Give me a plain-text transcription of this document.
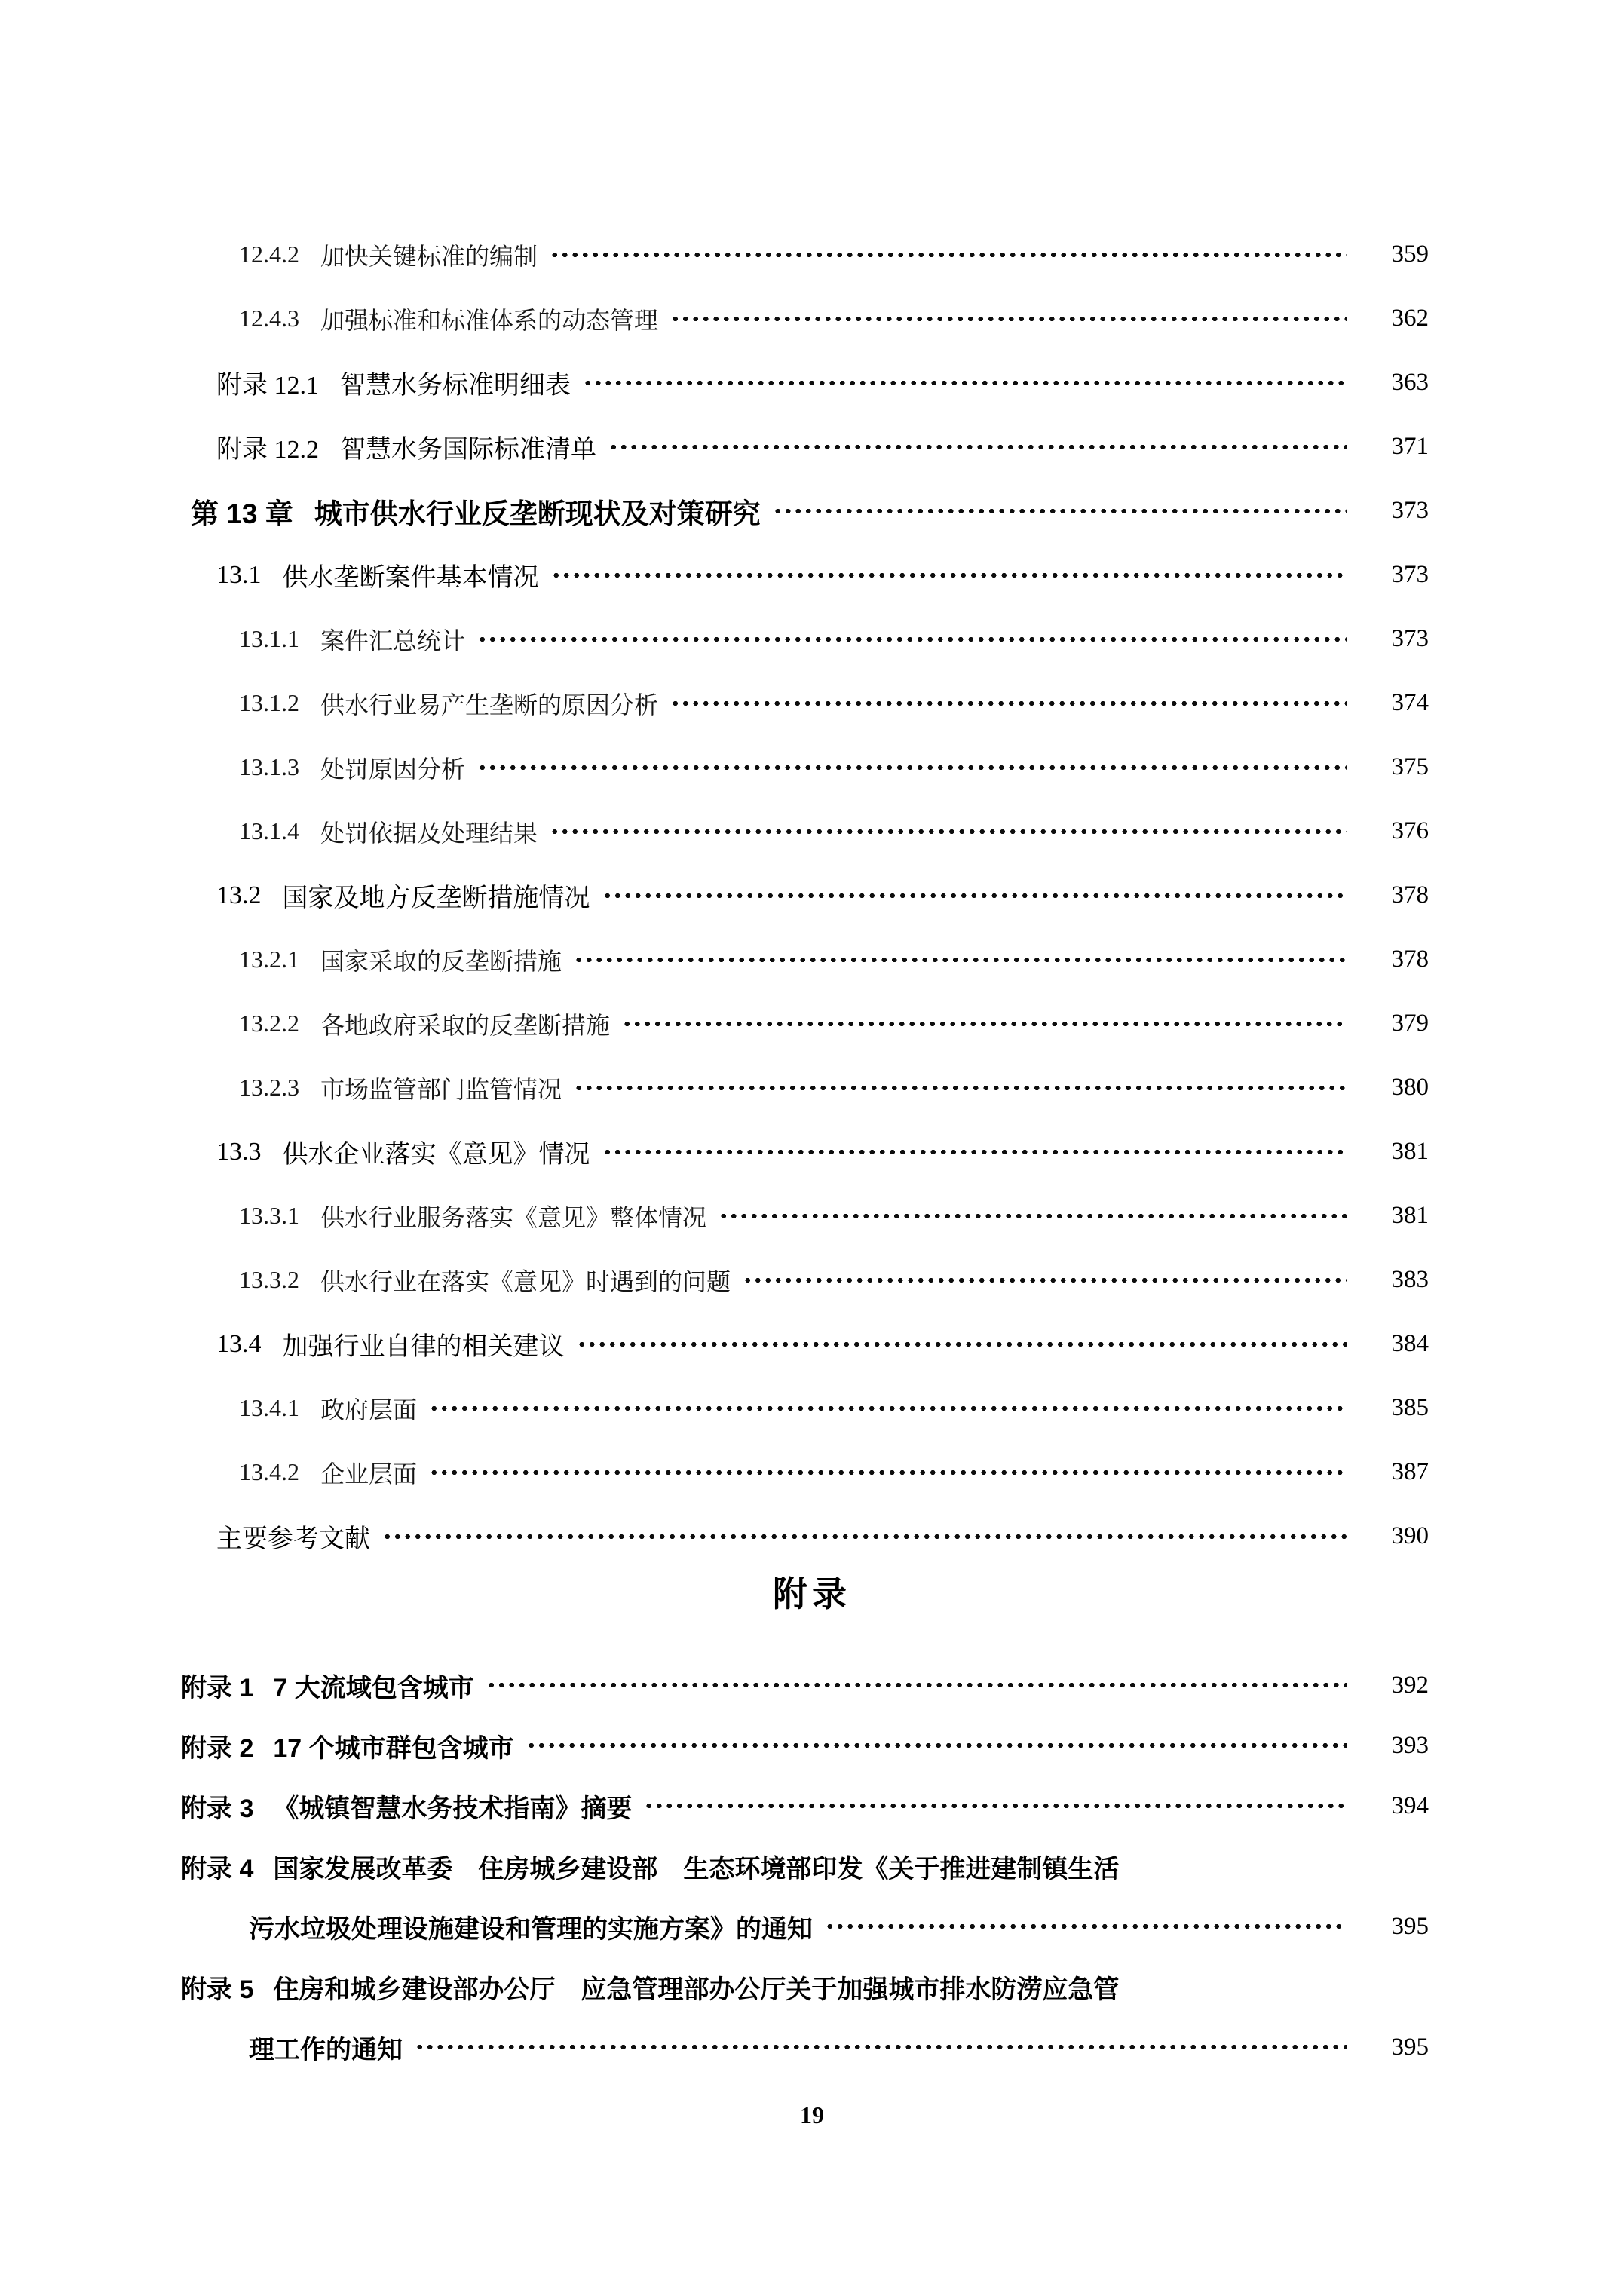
12.4.2 加快关键标准的编制	359
12.4.3 加强标准和标准体系的动态管理	362
附录 12.1 智慧水务标准明细表	363
附录 12.2 智慧水务国际标准清单	371
第 13 章 城市供水行业反垄断现状及对策研究	373
13.1 供水垄断案件基本情况	373
13.1.1 案件汇总统计	373
13.1.2 供水行业易产生垄断的原因分析	374
13.1.3 处罚原因分析	375
13.1.4 处罚依据及处理结果	376
13.2 国家及地方反垄断措施情况	378
13.2.1 国家采取的反垄断措施	378
13.2.2 各地政府采取的反垄断措施	379
13.2.3 市场监管部门监管情况	380
13.3 供水企业落实《意见》情况	381
13.3.1 供水行业服务落实《意见》整体情况	381
13.3.2 供水行业在落实《意见》时遇到的问题	383
13.4 加强行业自律的相关建议	384
13.4.1 政府层面	385
13.4.2 企业层面	387
主要参考文献	390
附录
附录 1 7 大流域包含城市	392
附录 2 17 个城市群包含城市	393
附录 3 《城镇智慧水务技术指南》摘要	394
附录 4 国家发展改革委　住房城乡建设部　生态环境部印发《关于推进建制镇生活
污水垃圾处理设施建设和管理的实施方案》的通知	395
附录 5 住房和城乡建设部办公厅　应急管理部办公厅关于加强城市排水防涝应急管
理工作的通知	395
19
